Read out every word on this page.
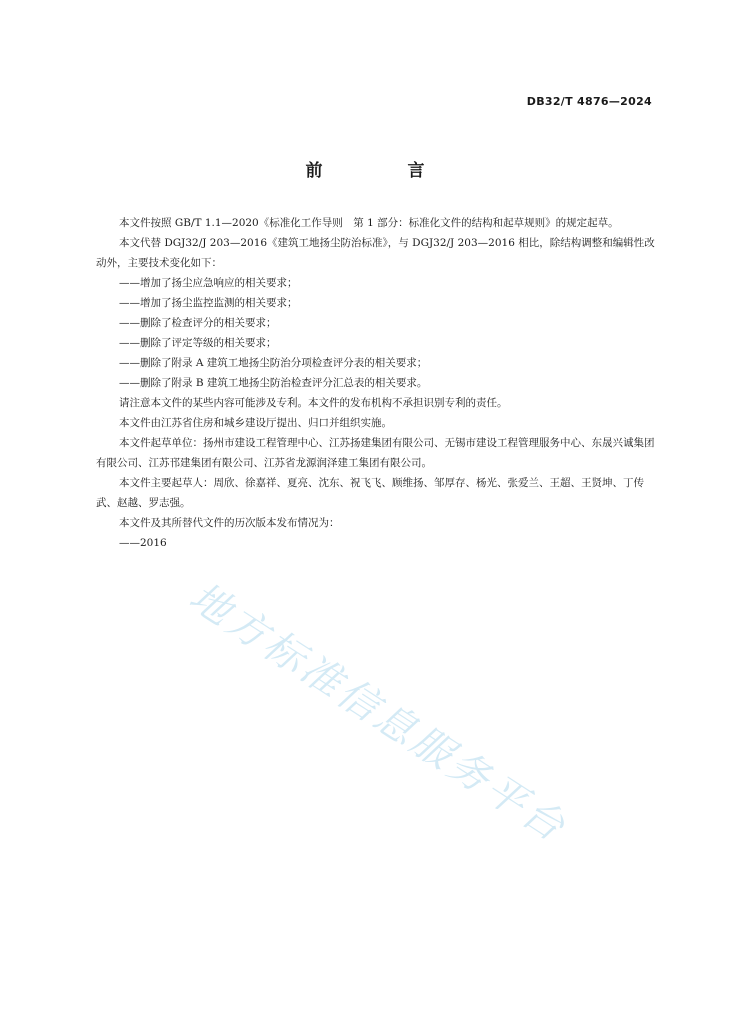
DB32/T 4876—2024
前　言

本文件按照 GB/T 1.1—2020《标准化工作导则　第 1 部分：标准化文件的结构和起草规则》的规定起草。

本文代替 DGJ32/J 203—2016《建筑工地扬尘防治标准》，与 DGJ32/J 203—2016 相比，除结构调整和编辑性改动外，主要技术变化如下：

——增加了扬尘应急响应的相关要求；

——增加了扬尘监控监测的相关要求；

——删除了检查评分的相关要求；

——删除了评定等级的相关要求；

——删除了附录 A 建筑工地扬尘防治分项检查评分表的相关要求；

——删除了附录 B 建筑工地扬尘防治检查评分汇总表的相关要求。

请注意本文件的某些内容可能涉及专利。本文件的发布机构不承担识别专利的责任。

本文件由江苏省住房和城乡建设厅提出、归口并组织实施。

本文件起草单位：扬州市建设工程管理中心、江苏扬建集团有限公司、无锡市建设工程管理服务中心、东晟兴诚集团有限公司、江苏邗建集团有限公司、江苏省龙源润泽建工集团有限公司。

本文件主要起草人：周欣、徐嘉祥、夏亮、沈东、祝飞飞、顾维扬、邹厚存、杨光、张爱兰、王超、王贤坤、丁传武、赵越、罗志强。

本文件及其所替代文件的历次版本发布情况为：

——2016

地方标准信息服务平台
